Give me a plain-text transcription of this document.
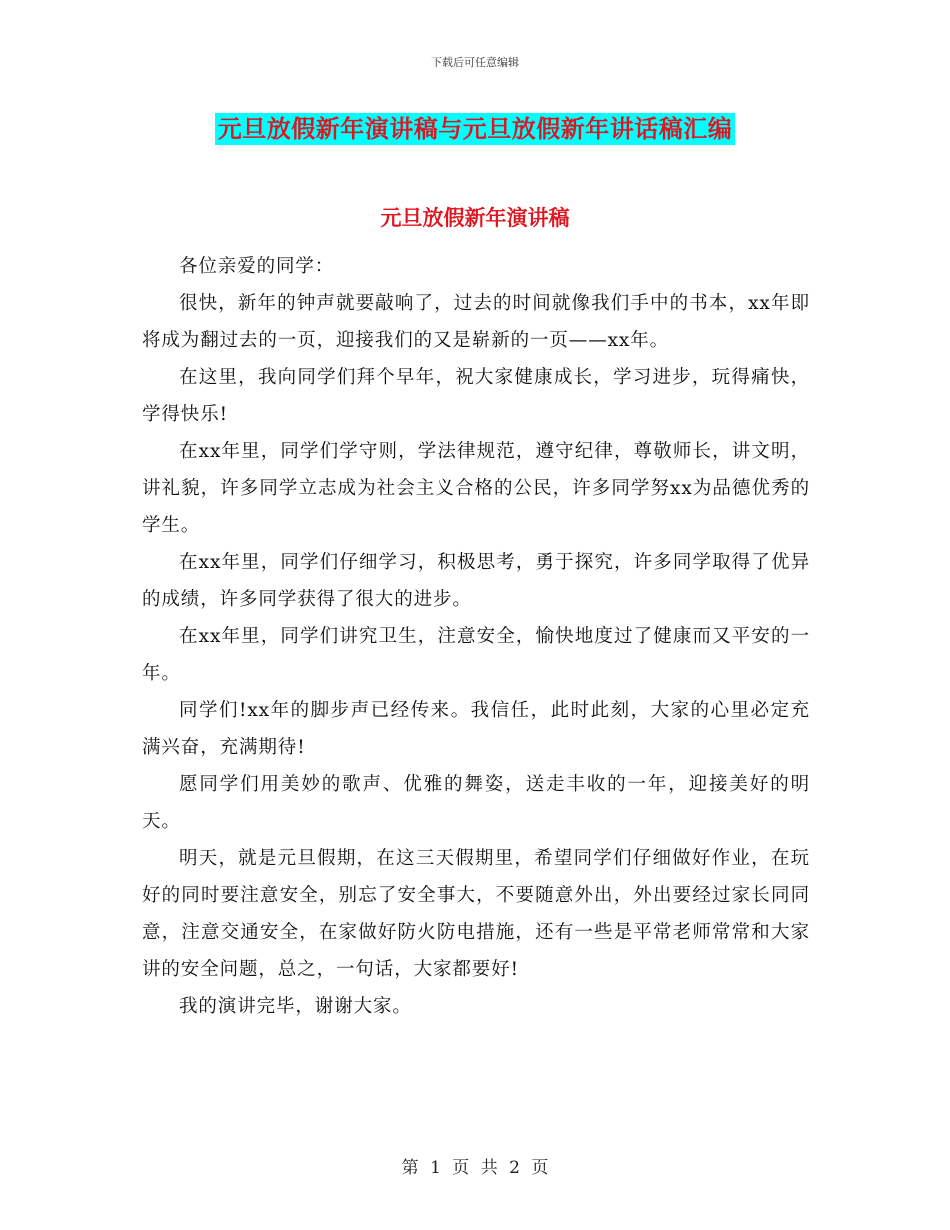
下载后可任意编辑
元旦放假新年演讲稿与元旦放假新年讲话稿汇编
元旦放假新年演讲稿

各位亲爱的同学：

很快，新年的钟声就要敲响了，过去的时间就像我们手中的书本，xx年即将成为翻过去的一页，迎接我们的又是崭新的一页——xx年。

在这里，我向同学们拜个早年，祝大家健康成长，学习进步，玩得痛快，学得快乐!

在xx年里，同学们学守则，学法律规范，遵守纪律，尊敬师长，讲文明，讲礼貌，许多同学立志成为社会主义合格的公民，许多同学努xx为品德优秀的学生。

在xx年里，同学们仔细学习，积极思考，勇于探究，许多同学取得了优异的成绩，许多同学获得了很大的进步。

在xx年里，同学们讲究卫生，注意安全，愉快地度过了健康而又平安的一年。

同学们!xx年的脚步声已经传来。我信任，此时此刻，大家的心里必定充满兴奋，充满期待!

愿同学们用美妙的歌声、优雅的舞姿，送走丰收的一年，迎接美好的明天。

明天，就是元旦假期，在这三天假期里，希望同学们仔细做好作业，在玩好的同时要注意安全，别忘了安全事大，不要随意外出，外出要经过家长同同意，注意交通安全，在家做好防火防电措施，还有一些是平常老师常常和大家讲的安全问题，总之，一句话，大家都要好!

我的演讲完毕，谢谢大家。

第 1 页 共 2 页
